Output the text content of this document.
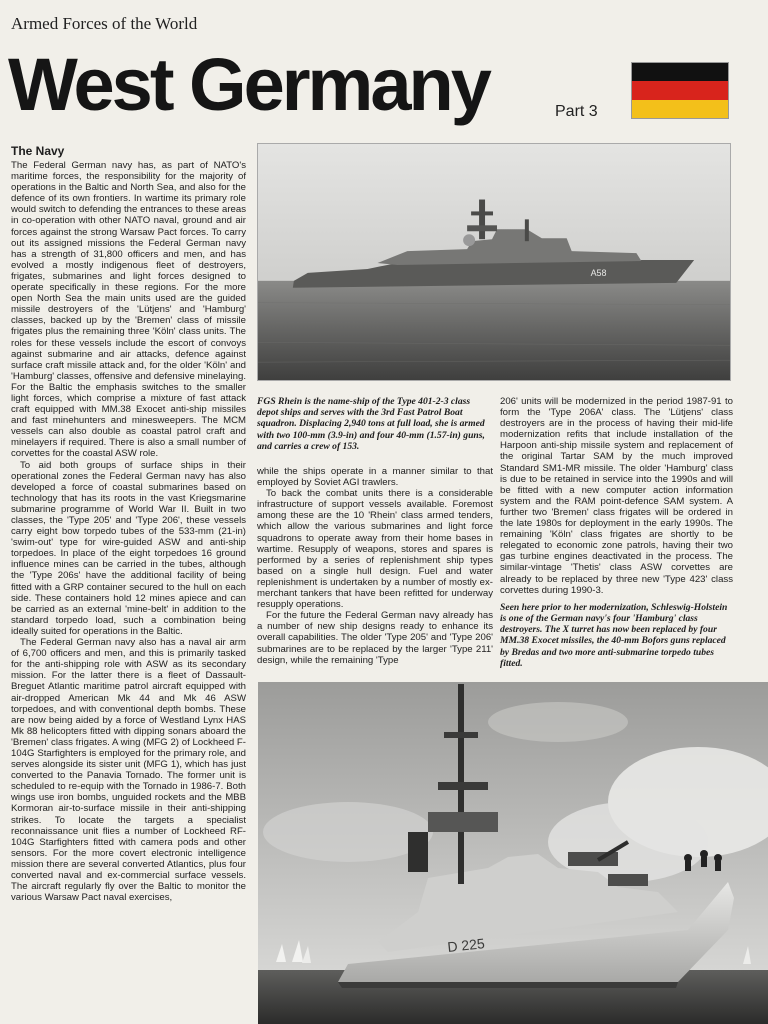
Armed Forces of the World
West Germany	Part 3
The Navy

The Federal German navy has, as part of NATO's maritime forces, the responsibility for the majority of operations in the Baltic and North Sea, and also for the defence of its own frontiers. In wartime its primary role would switch to defending the entrances to these areas in co-operation with other NATO naval, ground and air forces against the strong Warsaw Pact forces. To carry out its assigned missions the Federal German navy has a strength of 31,800 officers and men, and has evolved a mostly indigenous fleet of destroyers, frigates, submarines and light forces designed to operate specifically in these regions. For the more open North Sea the main units used are the guided missile destroyers of the 'Lütjens' and 'Hamburg' classes, backed up by the 'Bremen' class of missile frigates plus the remaining three 'Köln' class units. The roles for these vessels include the escort of convoys against submarine and air attacks, defence against surface craft missile attack and, for the older 'Köln' and 'Hamburg' classes, offensive and defensive minelaying. For the Baltic the emphasis switches to the smaller light forces, which comprise a mixture of fast attack craft equipped with MM.38 Exocet anti-ship missiles and fast minehunters and minesweepers. The MCM vessels can also double as coastal patrol craft and minelayers if required. There is also a small number of corvettes for the coastal ASW role.

To aid both groups of surface ships in their operational zones the Federal German navy has also developed a force of coastal submarines based on technology that has its roots in the vast Kriegsmarine submarine programme of World War II. Built in two classes, the 'Type 205' and 'Type 206', these vessels carry eight bow torpedo tubes of the 533-mm (21-in) 'swim-out' type for wire-guided ASW and anti-ship torpedoes. In place of the eight torpedoes 16 ground influence mines can be carried in the tubes, although the 'Type 206s' have the additional facility of being fitted with a GRP container secured to the hull on each side. These containers hold 12 mines apiece and can be carried as an external 'mine-belt' in addition to the standard torpedo load, such a combination being ideally suited for operations in the Baltic.

The Federal German navy also has a naval air arm of 6,700 officers and men, and this is primarily tasked for the anti-shipping role with ASW as its secondary mission. For the latter there is a fleet of Dassault-Breguet Atlantic maritime patrol aircraft equipped with air-dropped American Mk 44 and Mk 46 ASW torpedoes, and with conventional depth bombs. These are now being aided by a force of Westland Lynx HAS Mk 88 helicopters fitted with dipping sonars aboard the 'Bremen' class frigates. A wing (MFG 2) of Lockheed F-104G Starfighters is employed for the primary role, and serves alongside its sister unit (MFG 1), which has just converted to the Panavia Tornado. The former unit is scheduled to re-equip with the Tornado in 1986-7. Both wings use iron bombs, unguided rockets and the MBB Kormoran air-to-surface missile in their anti-shipping strikes. To locate the targets a specialist reconnaissance unit flies a number of Lockheed RF-104G Starfighters fitted with camera pods and other sensors. For the more covert electronic intelligence mission there are several converted Atlantics, plus four converted naval and ex-commercial surface vessels. The aircraft regularly fly over the Baltic to monitor the various Warsaw Pact naval exercises,

A58
FGS Rhein is the name-ship of the Type 401-2-3 class depot ships and serves with the 3rd Fast Patrol Boat squadron. Displacing 2,940 tons at full load, she is armed with two 100-mm (3.9-in) and four 40-mm (1.57-in) guns, and carries a crew of 153.

while the ships operate in a manner similar to that employed by Soviet AGI trawlers.

To back the combat units there is a considerable infrastructure of support vessels available. Foremost among these are the 10 'Rhein' class armed tenders, which allow the various submarines and light force squadrons to operate away from their home bases in wartime. Resupply of weapons, stores and spares is performed by a series of replenishment ship types based on a single hull design. Fuel and water replenishment is undertaken by a number of mostly ex-merchant tankers that have been refitted for underway resupply operations.

For the future the Federal German navy already has a number of new ship designs ready to enhance its overall capabilities. The older 'Type 205' and 'Type 206' submarines are to be replaced by the larger 'Type 211' design, while the remaining 'Type

206' units will be modernized in the period 1987-91 to form the 'Type 206A' class. The 'Lütjens' class destroyers are in the process of having their mid-life modernization refits that include installation of the Harpoon anti-ship missile system and replacement of the original Tartar SAM by the much improved Standard SM1-MR missile. The older 'Hamburg' class is due to be retained in service into the 1990s and will be fitted with a new computer action information system and the RAM point-defence SAM system. A further two 'Bremen' class frigates will be ordered in the late 1980s for deployment in the early 1990s. The remaining 'Köln' class frigates are shortly to be relegated to economic zone patrols, having their two gas turbine engines deactivated in the process. The similar-vintage 'Thetis' class ASW corvettes are already to be replaced by three new 'Type 423' class corvettes during 1990-3.

Seen here prior to her modernization, Schleswig-Holstein is one of the German navy's four 'Hamburg' class destroyers. The X turret has now been replaced by four MM.38 Exocet missiles, the 40-mm Bofors guns replaced by Bredas and two more anti-submarine torpedo tubes fitted.
D 225
